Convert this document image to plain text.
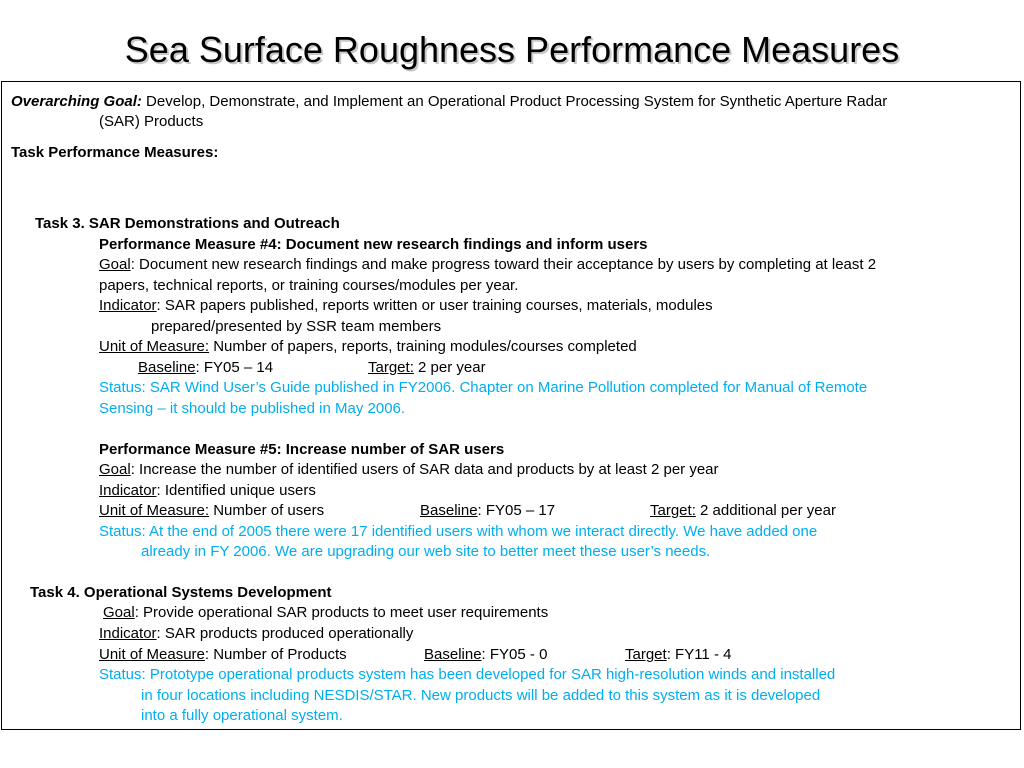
Sea Surface Roughness Performance Measures
Overarching Goal: Develop, Demonstrate, and Implement an Operational Product Processing System for Synthetic Aperture Radar
(SAR) Products
Task Performance Measures:
Task 3. SAR Demonstrations and Outreach
Performance Measure #4: Document new research findings and inform users
Goal: Document new research findings and make progress toward their acceptance by users by completing at least 2
papers, technical reports, or training courses/modules per year.
Indicator: SAR papers published, reports written or user training courses, materials, modules
prepared/presented by SSR team members
Unit of Measure: Number of papers, reports, training modules/courses completed
Baseline: FY05 – 14	Target: 2 per year
Status: SAR Wind User’s Guide published in FY2006. Chapter on Marine Pollution completed for Manual of Remote
Sensing – it should be published in May 2006.
Performance Measure #5: Increase number of SAR users
Goal: Increase the number of identified users of SAR data and products by at least 2 per year
Indicator: Identified unique users
Unit of Measure: Number of users	Baseline: FY05 – 17	Target: 2 additional per year
Status: At the end of 2005 there were 17 identified users with whom we interact directly. We have added one
already in FY 2006. We are upgrading our web site to better meet these user’s needs.
Task 4. Operational Systems Development
Goal: Provide operational SAR products to meet user requirements
Indicator: SAR products produced operationally
Unit of Measure: Number of Products	Baseline: FY05 - 0	Target: FY11 - 4
Status: Prototype operational products system has been developed for SAR high-resolution winds and installed
in four locations including NESDIS/STAR. New products will be added to this system as it is developed
into a fully operational system.
